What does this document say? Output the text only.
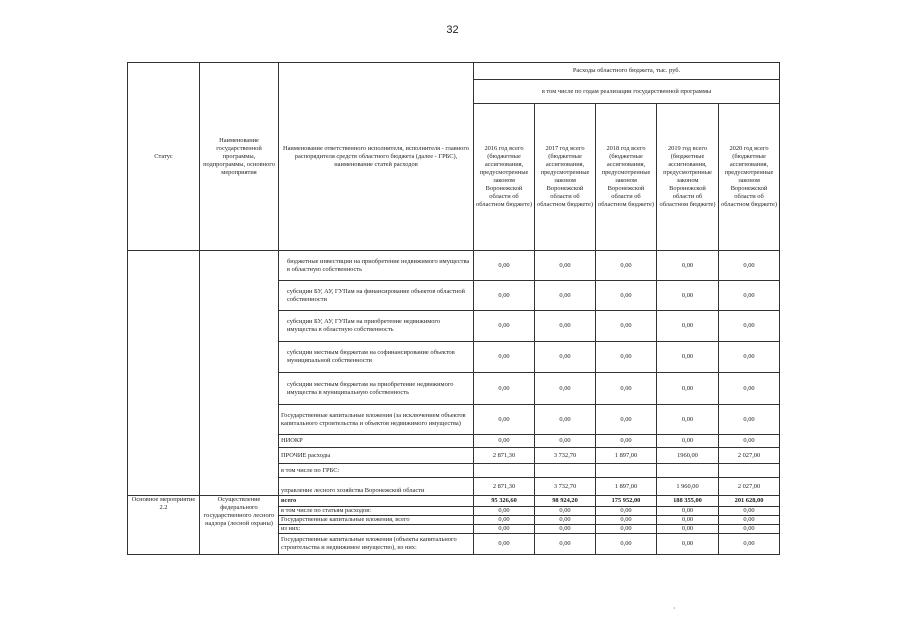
32
Статус	Наименование государственной программы, подпрограммы, основного мероприятия	Наименование ответственного исполнителя, исполнителя - главного распорядителя средств областного бюджета (далее - ГРБС), наименование статей расходов	Расходы областного бюджета, тыс. руб.				
			в том числе по годам реализации государственной программы				
			2016 год всего (бюджетные ассигнования, предусмотренные законом Воронежской области об областном бюджете)	2017 год всего (бюджетные ассигнования, предусмотренные законом Воронежской области об областном бюджете)	2018 год всего (бюджетные ассигнования, предусмотренные законом Воронежской области об областном бюджете)	2019 год всего (бюджетные ассигнования, предусмотренные законом Воронежской области об областном бюджете)	2020 год всего (бюджетные ассигнования, предусмотренные законом Воронежской области об областном бюджете)
		бюджетные инвестиции на приобретение недвижимого имущества в областную собственность	0,00	0,00	0,00	0,00	0,00
		субсидии БУ, АУ, ГУПам на финансирование объектов областной собственности	0,00	0,00	0,00	0,00	0,00
		субсидии БУ, АУ, ГУПам на приобретение недвижимого имущества в областную собственность	0,00	0,00	0,00	0,00	0,00
		субсидии местным бюджетам на софинансирование объектов муниципальной собственности	0,00	0,00	0,00	0,00	0,00
		субсидии местным бюджетам на приобретение недвижимого имущества в муниципальную собственность	0,00	0,00	0,00	0,00	0,00
		Государственные капитальные вложения (за исключением объектов капитального строительства и объектов недвижимого имущества)	0,00	0,00	0,00	0,00	0,00
		НИОКР	0,00	0,00	0,00	0,00	0,00
		ПРОЧИЕ расходы	2 871,30	3 732,70	1 897,00	1960,00	2 027,00
		в том числе по ГРБС:					
		управление лесного хозяйства Воронежской области	2 871,30	3 732,70	1 897,00	1 960,00	2 027,00
Основное мероприятие 2.2	Осуществление федерального государственного лесного надзора (лесной охраны)	всего	95 326,60	98 924,20	175 952,00	188 355,00	201 628,00
		в том числе по статьям расходов:	0,00	0,00	0,00	0,00	0,00
		Государственные капитальные вложения, всего	0,00	0,00	0,00	0,00	0,00
		из них:	0,00	0,00	0,00	0,00	0,00
		Государственные капитальные вложения (объекты капитального строительства и недвижимое имущество), из них:	0,00	0,00	0,00	0,00	0,00
·
